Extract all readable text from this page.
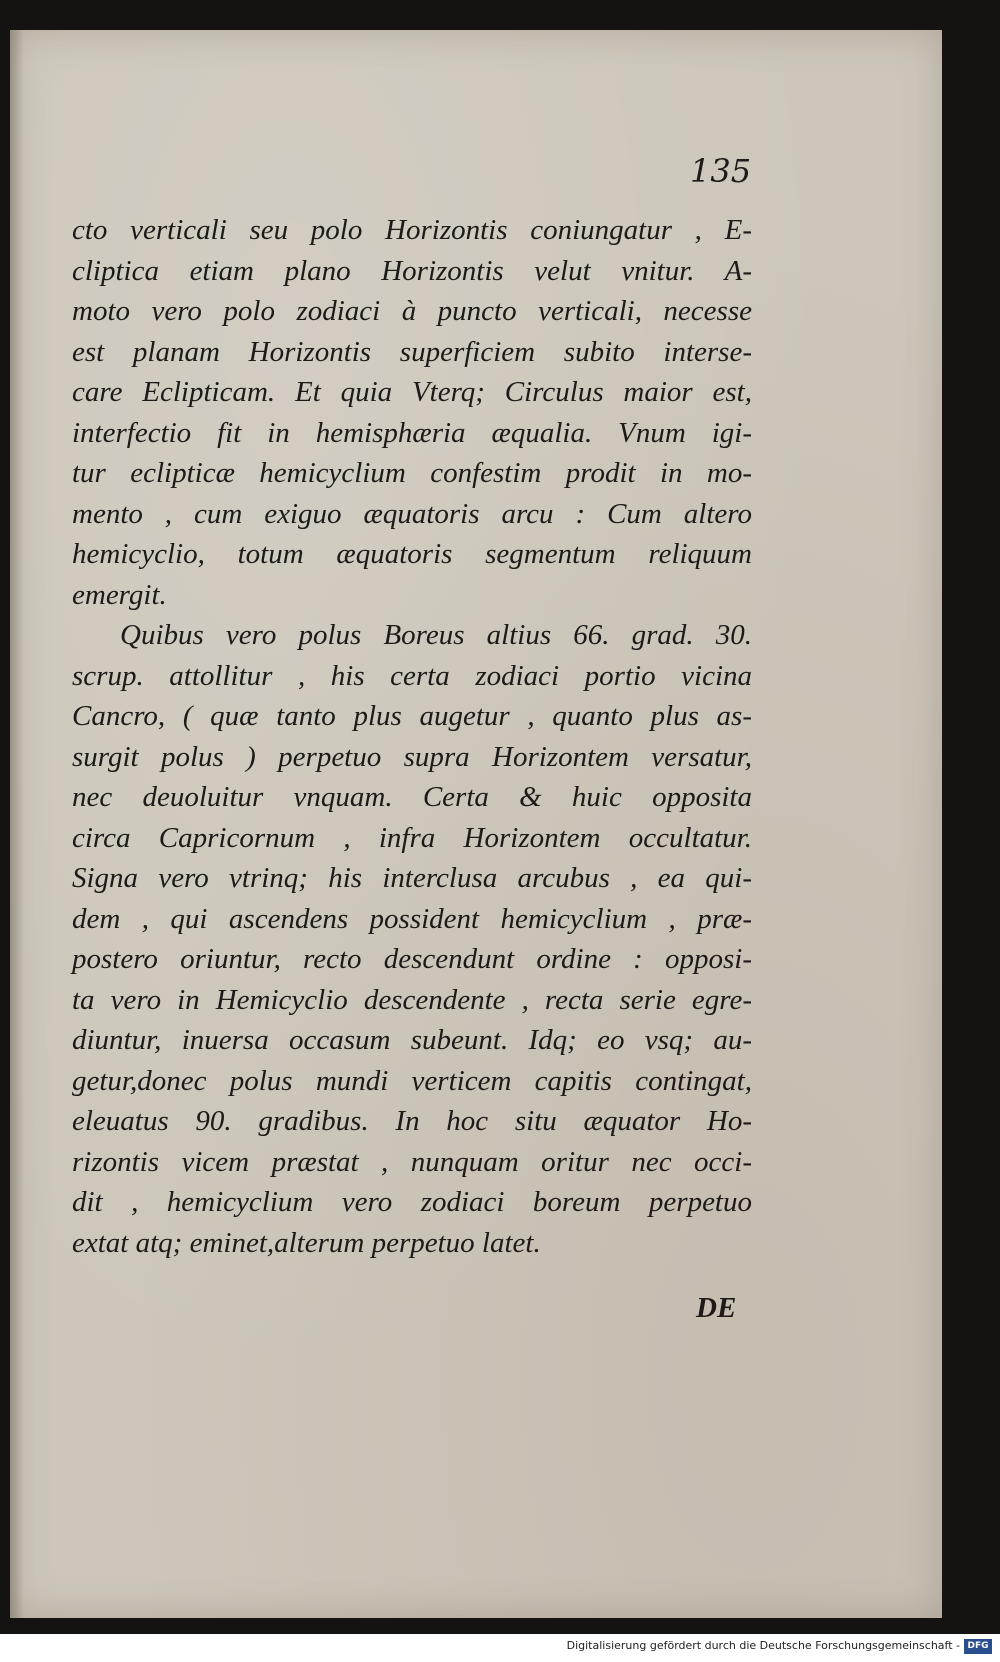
135
cto verticali seu polo Horizontis coniungatur , E-
cliptica etiam plano Horizontis velut vnitur. A-
moto vero polo zodiaci à puncto verticali, necesse
est planam Horizontis superficiem subito interse-
care Eclipticam. Et quia Vterq; Circulus maior est,
interfectio fit in hemisphæria æqualia. Vnum igi-
tur eclipticæ hemicyclium confestim prodit in mo-
mento , cum exiguo æquatoris arcu : Cum altero
hemicyclio, totum æquatoris segmentum reliquum
emergit.
Quibus vero polus Boreus altius 66. grad. 30.
scrup. attollitur , his certa zodiaci portio vicina
Cancro, ( quæ tanto plus augetur , quanto plus as-
surgit polus ) perpetuo supra Horizontem versatur,
nec deuoluitur vnquam. Certa & huic opposita
circa Capricornum , infra Horizontem occultatur.
Signa vero vtrinq; his interclusa arcubus , ea qui-
dem , qui ascendens possident hemicyclium , præ-
postero oriuntur, recto descendunt ordine : opposi-
ta vero in Hemicyclio descendente , recta serie egre-
diuntur, inuersa occasum subeunt. Idq; eo vsq; au-
getur,donec polus mundi verticem capitis contingat,
eleuatus 90. gradibus. In hoc situ æquator Ho-
rizontis vicem præstat , nunquam oritur nec occi-
dit , hemicyclium vero zodiaci boreum perpetuo
extat atq; eminet,alterum perpetuo latet.
DE
Digitalisierung gefördert durch die Deutsche Forschungsgemeinschaft - DFG
